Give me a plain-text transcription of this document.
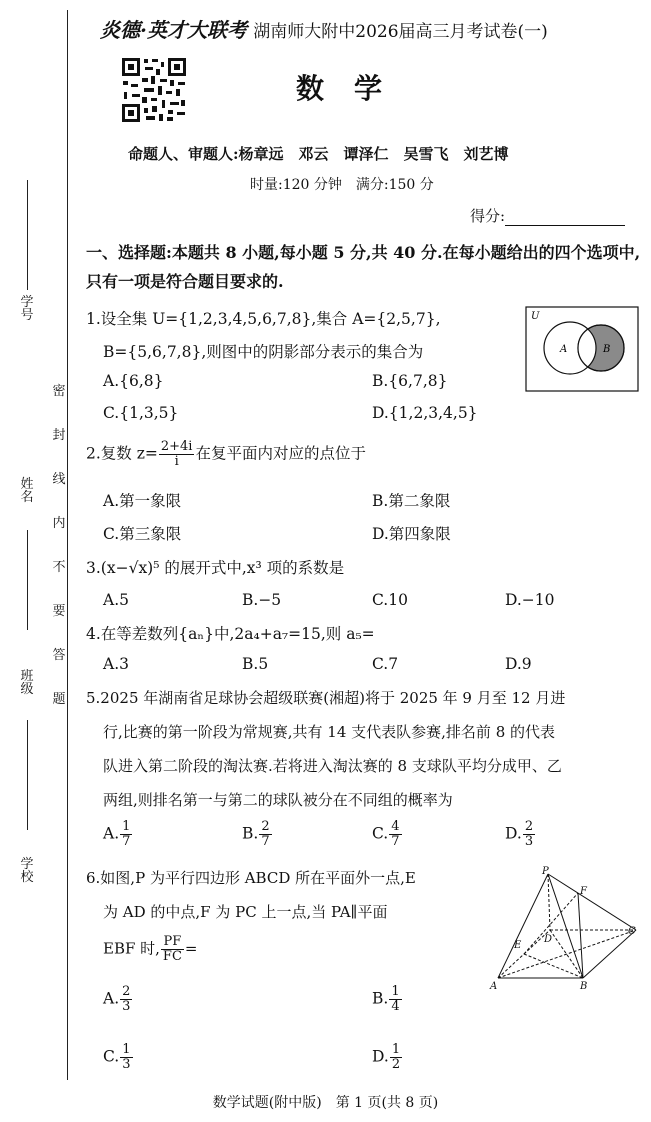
学号
姓名
班级
学校
密封线内不要答题
炎德·英才大联考 湖南师大附中2026届高三月考试卷(一)
数学
命题人、审题人:杨章远　邓云　谭泽仁　吴雪飞　刘艺博
时量:120 分钟　满分:150 分
得分:
一、选择题:本题共 8 小题,每小题 5 分,共 40 分.在每小题给出的四个选项中,只有一项是符合题目要求的.
1.设全集 U={1,2,3,4,5,6,7,8},集合 A={2,5,7},
B={5,6,7,8},则图中的阴影部分表示的集合为
A.{6,8}	B.{6,7,8}
C.{1,3,5}	D.{1,2,3,4,5}
U
A	B
2.复数 $z= \frac{2+4i}{i}$ 在复平面内对应的点位于
A.第一象限	B.第二象限
C.第三象限	D.第四象限
3.(x−√x)⁵ 的展开式中,x³ 项的系数是
A.5	B.−5	C.10	D.−10
4.在等差数列{aₙ}中,2a₄+a₇=15,则 a₅=
A.3	B.5	C.7	D.9
5.2025 年湖南省足球协会超级联赛(湘超)将于 2025 年 9 月至 12 月进
行,比赛的第一阶段为常规赛,共有 14 支代表队参赛,排名前 8 的代表
队进入第二阶段的淘汰赛.若将进入淘汰赛的 8 支球队平均分成甲、乙
两组,则排名第一与第二的球队被分在不同组的概率为
A. $\frac{1}{7}$	B. $\frac{2}{7}$	C. $\frac{4}{7}$	D. $\frac{2}{3}$
6.如图,P 为平行四边形 ABCD 所在平面外一点,E
为 AD 的中点,F 为 PC 上一点,当 PA∥平面
EBF 时, $\frac{PF}{FC}$ =
A. $\frac{2}{3}$	B. $\frac{1}{4}$
C. $\frac{1}{3}$	D. $\frac{1}{2}$
P
F
C
E
D
A	B
数学试题(附中版)　第 1 页(共 8 页)
